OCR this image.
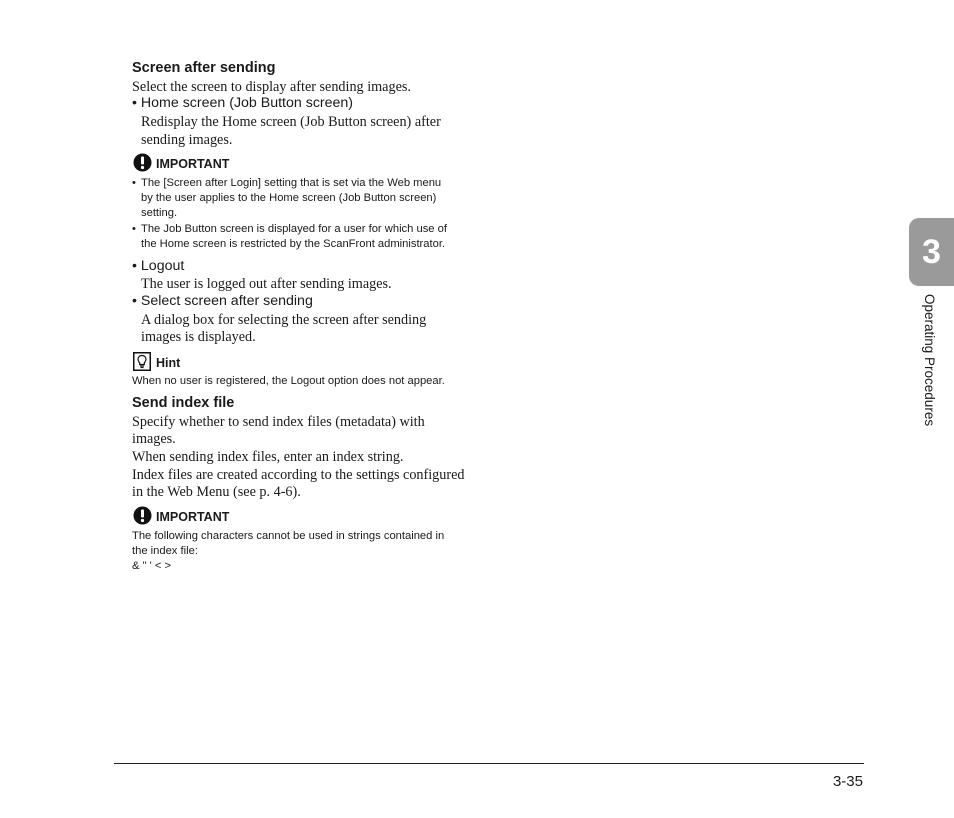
Screen after sending
Select the screen to display after sending images.
• Home screen (Job Button screen)
Redisplay the Home screen (Job Button screen) after
sending images.
IMPORTANT
• The [Screen after Login] setting that is set via the Web menu
by the user applies to the Home screen (Job Button screen)
setting.
• The Job Button screen is displayed for a user for which use of
the Home screen is restricted by the ScanFront administrator.
• Logout
The user is logged out after sending images.
• Select screen after sending
A dialog box for selecting the screen after sending
images is displayed.
Hint
When no user is registered, the Logout option does not appear.
Send index file
Specify whether to send index files (metadata) with
images.
When sending index files, enter an index string.
Index files are created according to the settings configured
in the Web Menu (see p. 4-6).
IMPORTANT
The following characters cannot be used in strings contained in
the index file:
& " ' < >
3
Operating Procedures
3-35
